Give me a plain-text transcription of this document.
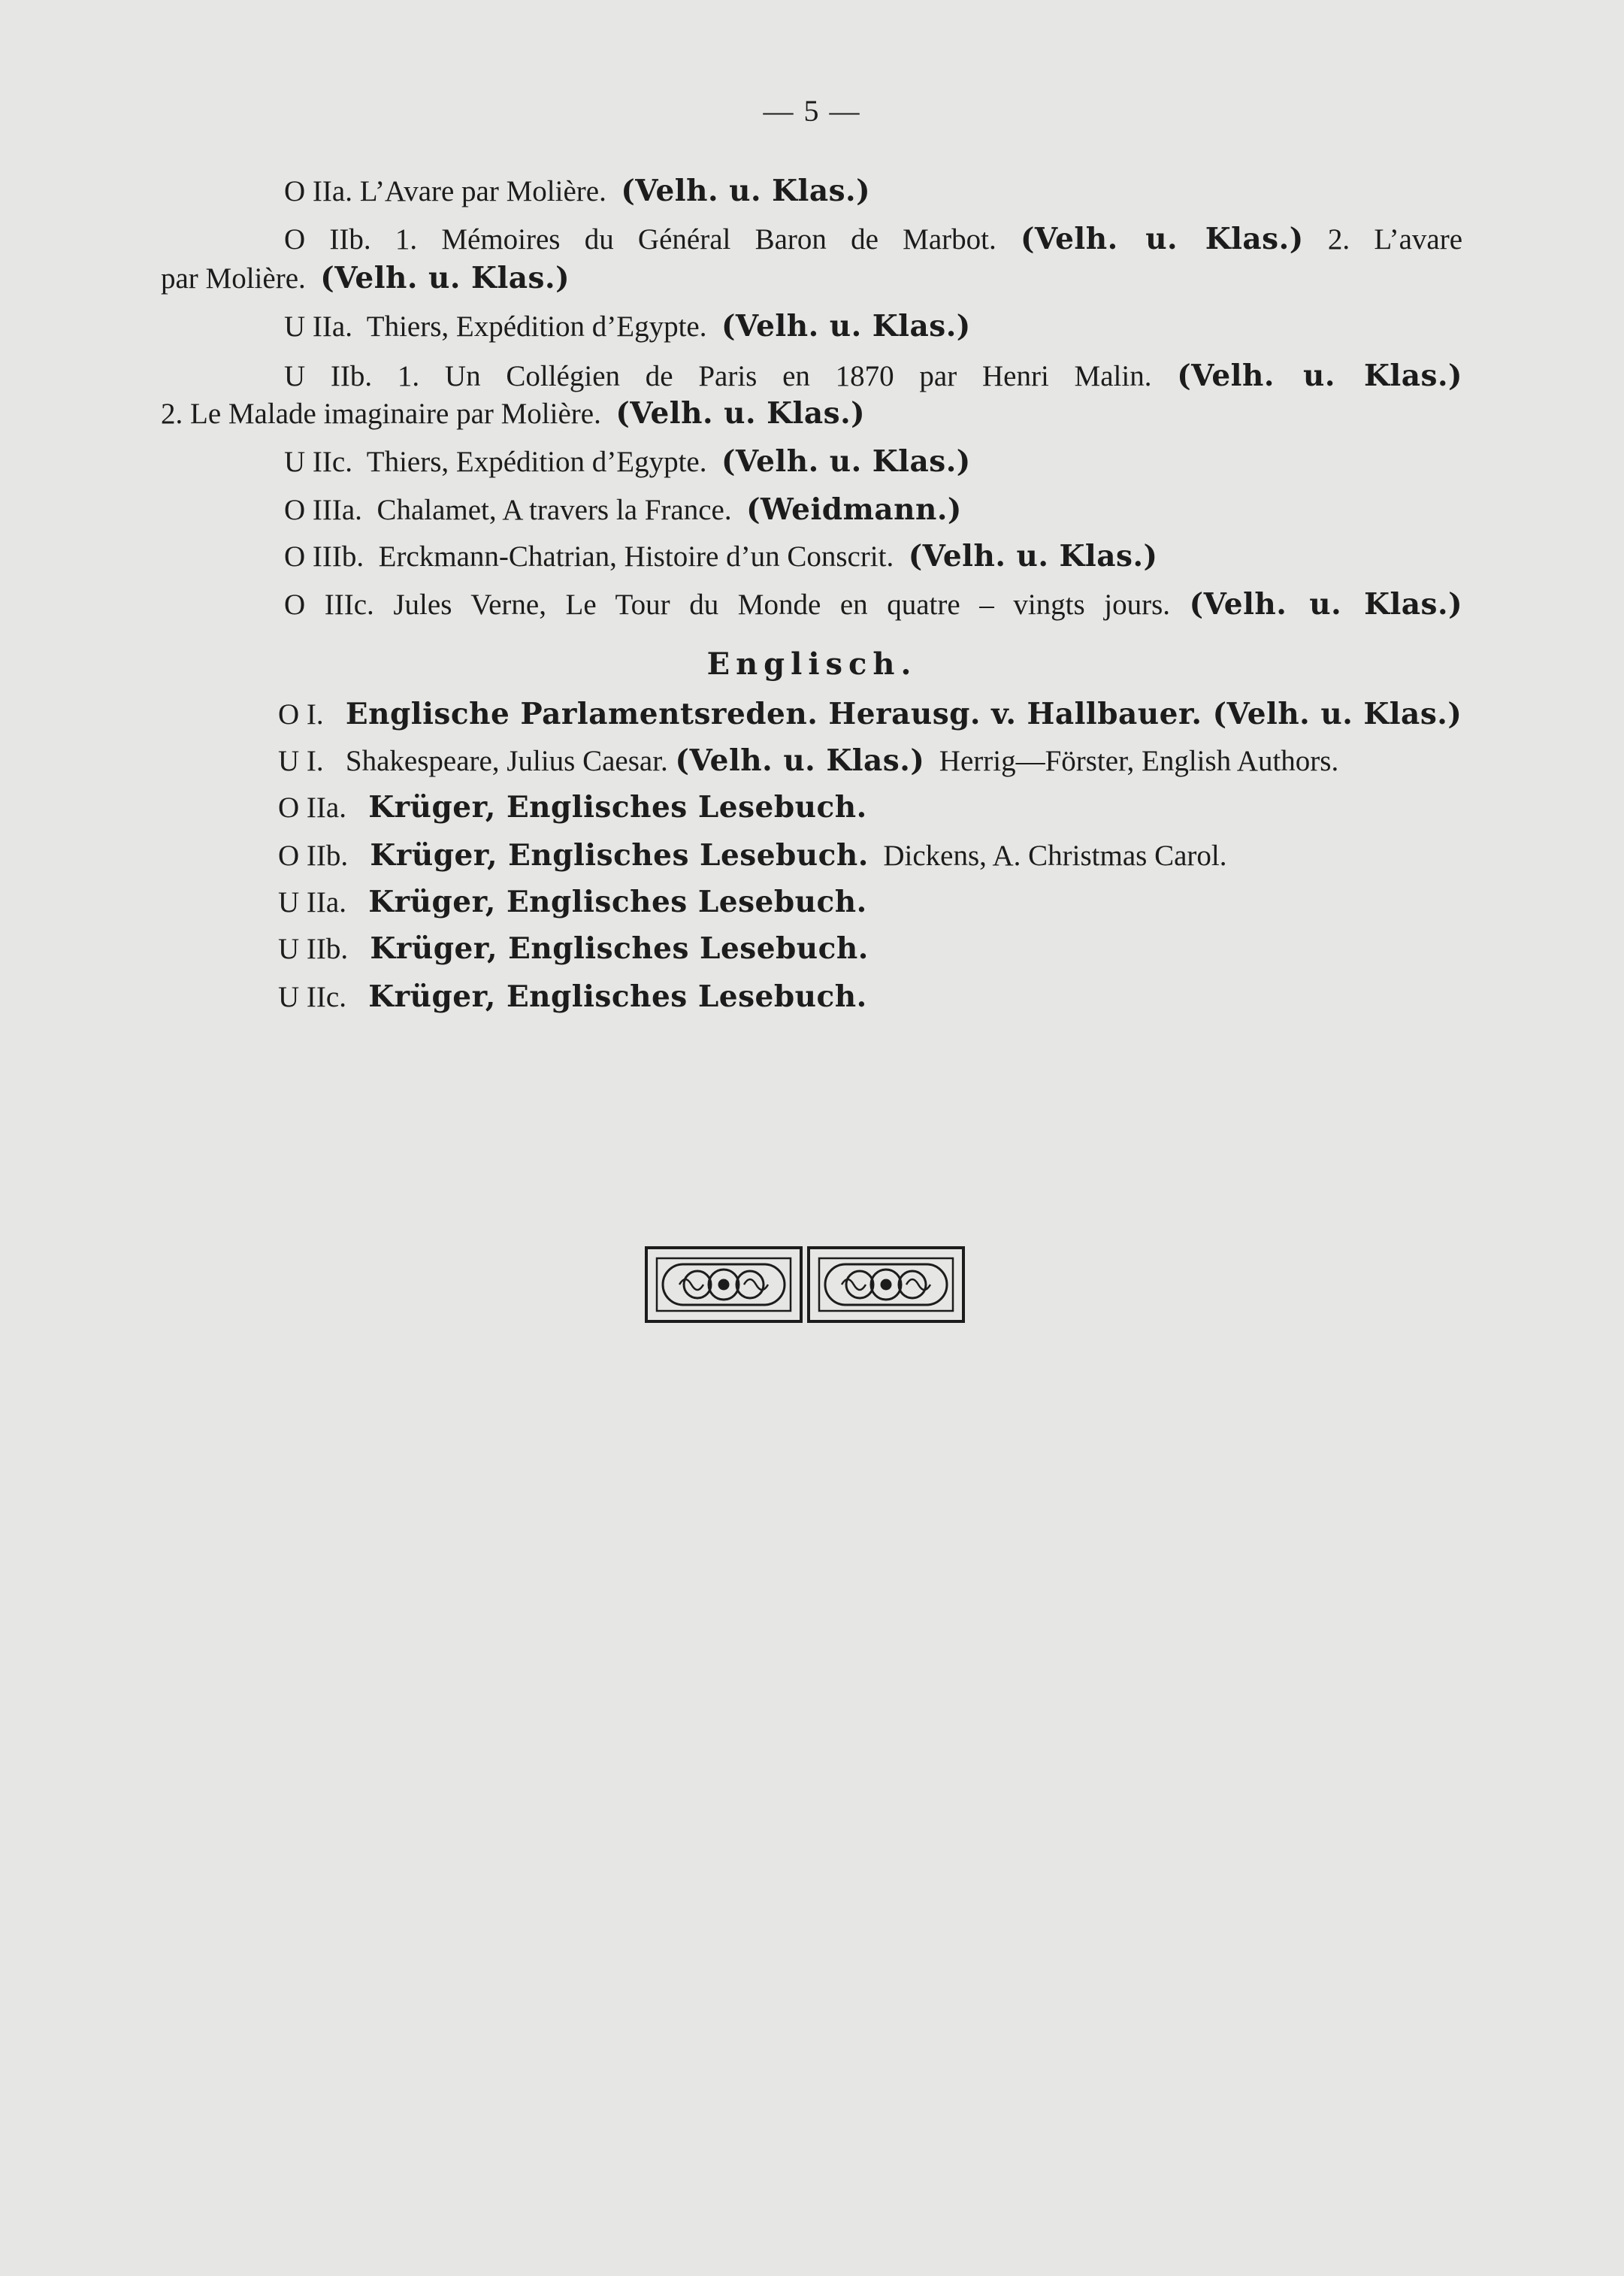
— 5 —
O IIa. L’Avare par Molière. (Velh. u. Klas.)
O IIb. 1. Mémoires du Général Baron de Marbot. (Velh. u. Klas.) 2. L’avare
par Molière. (Velh. u. Klas.)
U IIa. Thiers, Expédition d’Egypte. (Velh. u. Klas.)
U IIb. 1. Un Collégien de Paris en 1870 par Henri Malin. (Velh. u. Klas.)
2. Le Malade imaginaire par Molière. (Velh. u. Klas.)
U IIc. Thiers, Expédition d’Egypte. (Velh. u. Klas.)
O IIIa. Chalamet, A travers la France. (Weidmann.)
O IIIb. Erckmann-Chatrian, Histoire d’un Conscrit. (Velh. u. Klas.)
O IIIc. Jules Verne, Le Tour du Monde en quatre – vingts jours. (Velh. u. Klas.)
Englisch.
O I. Englische Parlamentsreden. Herausg. v. Hallbauer. (Velh. u. Klas.)
U I. Shakespeare, Julius Caesar. (Velh. u. Klas.) Herrig—Förster, English Authors.
O IIa. Krüger, Englisches Lesebuch.
O IIb. Krüger, Englisches Lesebuch. Dickens, A. Christmas Carol.
U IIa. Krüger, Englisches Lesebuch.
U IIb. Krüger, Englisches Lesebuch.
U IIc. Krüger, Englisches Lesebuch.
